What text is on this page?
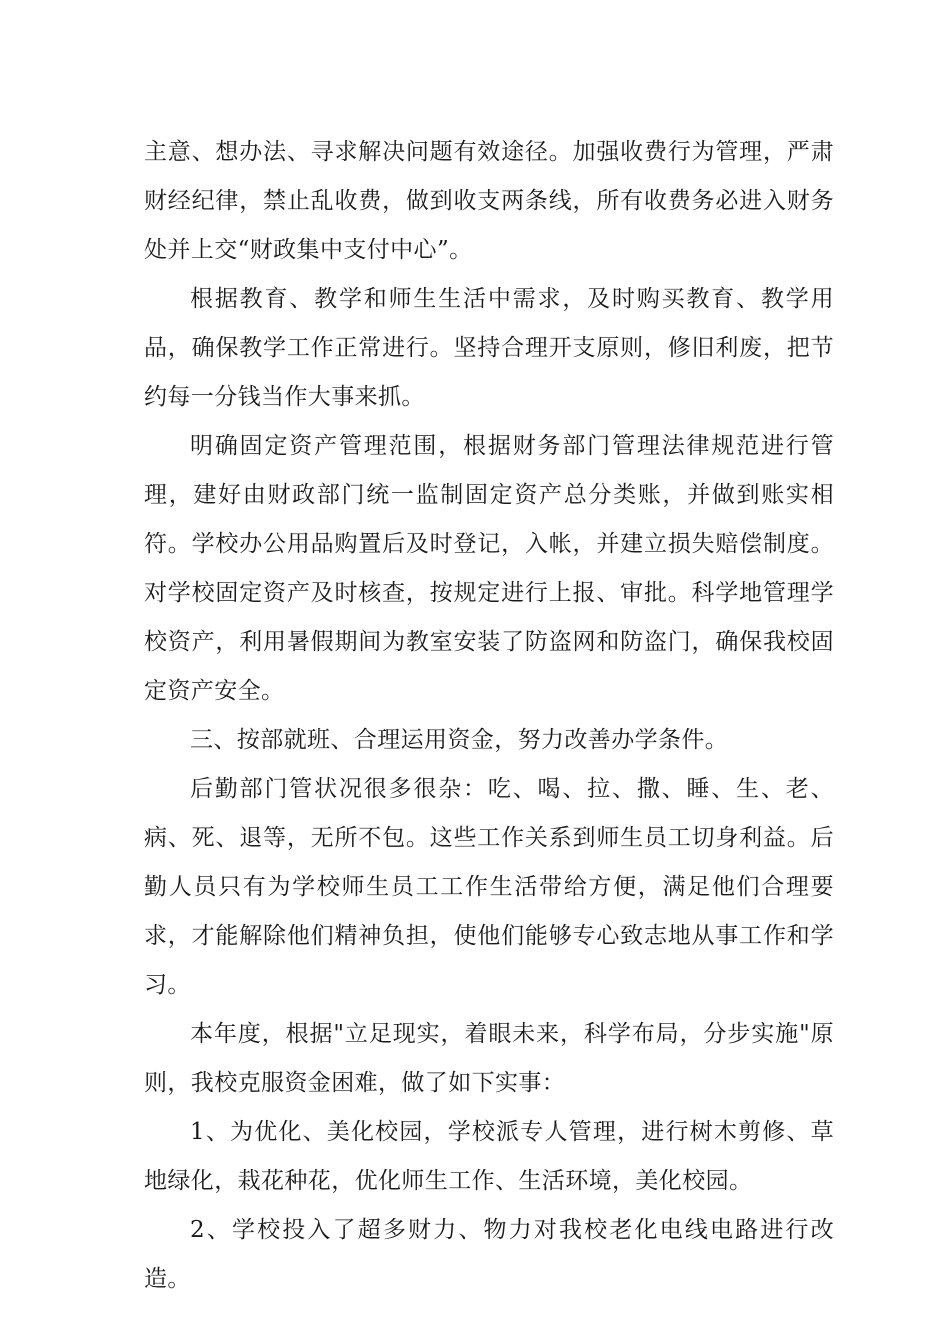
主意、想办法、寻求解决问题有效途径。加强收费行为管理，严肃财经纪律，禁止乱收费，做到收支两条线，所有收费务必进入财务处并上交“财政集中支付中心”。

根据教育、教学和师生生活中需求，及时购买教育、教学用品，确保教学工作正常进行。坚持合理开支原则，修旧利废，把节约每一分钱当作大事来抓。

明确固定资产管理范围，根据财务部门管理法律规范进行管理，建好由财政部门统一监制固定资产总分类账，并做到账实相符。学校办公用品购置后及时登记，入帐，并建立损失赔偿制度。对学校固定资产及时核查，按规定进行上报、审批。科学地管理学校资产，利用暑假期间为教室安装了防盗网和防盗门，确保我校固定资产安全。

三、按部就班、合理运用资金，努力改善办学条件。

后勤部门管状况很多很杂：吃、喝、拉、撒、睡、生、老、病、死、退等，无所不包。这些工作关系到师生员工切身利益。后勤人员只有为学校师生员工工作生活带给方便，满足他们合理要求，才能解除他们精神负担，使他们能够专心致志地从事工作和学习。

本年度，根据"立足现实，着眼未来，科学布局，分步实施"原则，我校克服资金困难，做了如下实事：

1、为优化、美化校园，学校派专人管理，进行树木剪修、草地绿化，栽花种花，优化师生工作、生活环境，美化校园。

2、学校投入了超多财力、物力对我校老化电线电路进行改造。
